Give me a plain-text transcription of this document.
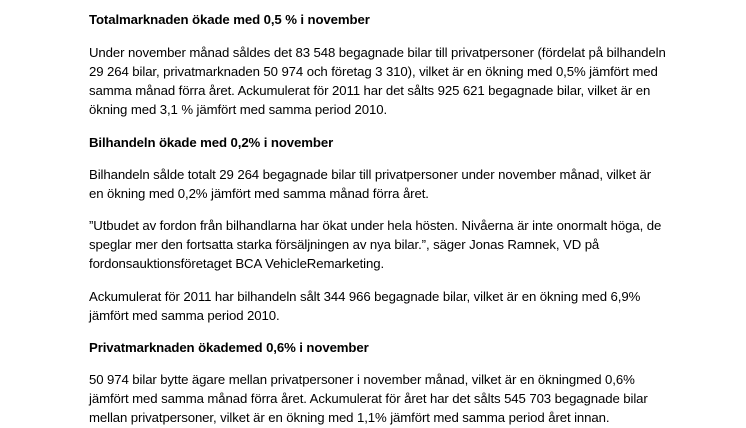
Totalmarknaden ökade med 0,5 % i november
Under november månad såldes det 83 548 begagnade bilar till privatpersoner (fördelat på bilhandeln
29 264 bilar, privatmarknaden 50 974 och företag 3 310), vilket är en ökning med 0,5% jämfört med
samma månad förra året. Ackumulerat för 2011 har det sålts 925 621 begagnade bilar, vilket är en
ökning med 3,1 % jämfört med samma period 2010.
Bilhandeln ökade med 0,2% i november
Bilhandeln sålde totalt 29 264 begagnade bilar till privatpersoner under november månad, vilket är
en ökning med 0,2% jämfört med samma månad förra året.
”Utbudet av fordon från bilhandlarna har ökat under hela hösten. Nivåerna är inte onormalt höga, de
speglar mer den fortsatta starka försäljningen av nya bilar.”, säger Jonas Ramnek, VD på
fordonsauktionsföretaget BCA VehicleRemarketing.
Ackumulerat för 2011 har bilhandeln sålt 344 966 begagnade bilar, vilket är en ökning med 6,9%
jämfört med samma period 2010.
Privatmarknaden ökademed 0,6% i november
50 974 bilar bytte ägare mellan privatpersoner i november månad, vilket är en ökningmed 0,6%
jämfört med samma månad förra året. Ackumulerat för året har det sålts 545 703 begagnade bilar
mellan privatpersoner, vilket är en ökning med 1,1% jämfört med samma period året innan.
